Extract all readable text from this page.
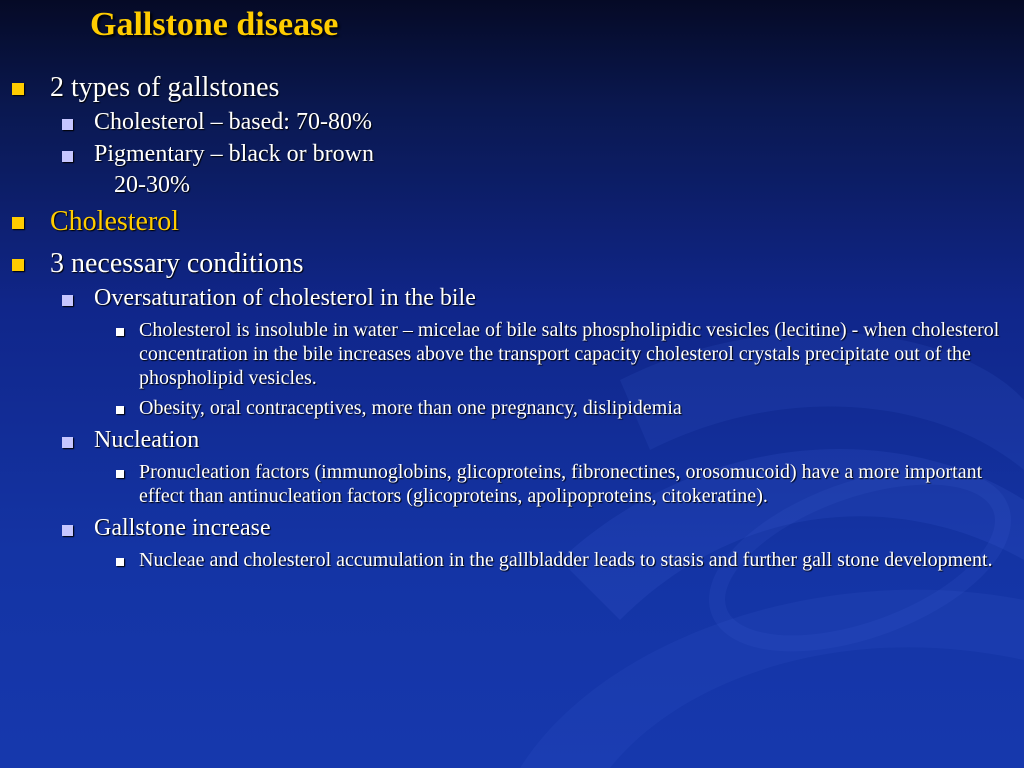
Gallstone disease
2 types of gallstones
Cholesterol – based: 70-80%
Pigmentary – black or brown
20-30%
Cholesterol
3 necessary conditions
Oversaturation of cholesterol in the bile
Cholesterol is insoluble in water – micelae of bile salts phospholipidic vesicles (lecitine) - when cholesterol concentration in the bile increases above the transport capacity cholesterol crystals precipitate out of the phospholipid vesicles.
Obesity, oral contraceptives, more than one pregnancy, dislipidemia
Nucleation
Pronucleation factors (immunoglobins, glicoproteins, fibronectines, orosomucoid) have a more important effect than antinucleation factors (glicoproteins, apolipoproteins, citokeratine).
Gallstone increase
Nucleae and cholesterol accumulation in the gallbladder leads to stasis and further gall stone development.
